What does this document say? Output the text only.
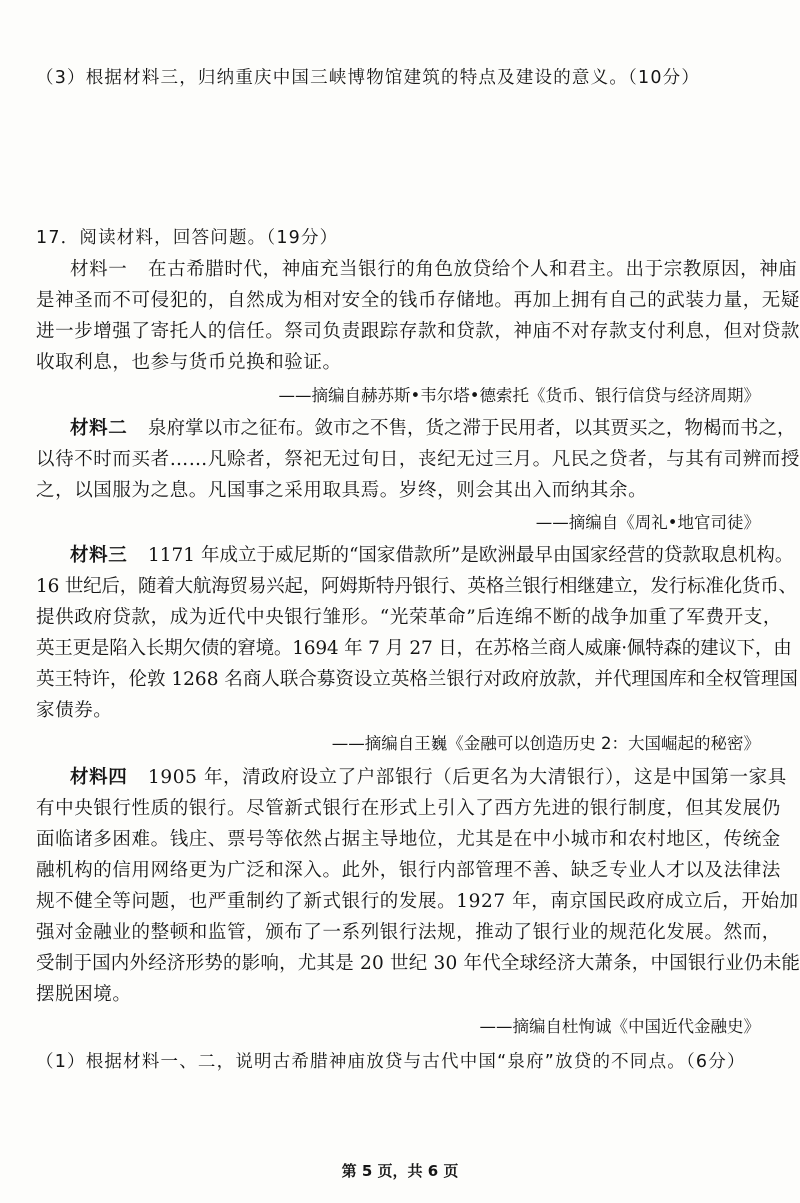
（3）根据材料三，归纳重庆中国三峡博物馆建筑的特点及建设的意义。（10分）
17．阅读材料，回答问题。（19分）
材料一 在古希腊时代，神庙充当银行的角色放贷给个人和君主。出于宗教原因，神庙
是神圣而不可侵犯的，自然成为相对安全的钱币存储地。再加上拥有自己的武装力量，无疑
进一步增强了寄托人的信任。祭司负责跟踪存款和贷款，神庙不对存款支付利息，但对贷款
收取利息，也参与货币兑换和验证。
——摘编自赫苏斯•韦尔塔•德索托《货币、银行信贷与经济周期》
材料二 泉府掌以市之征布。敛市之不售，货之滞于民用者，以其贾买之，物楬而书之，
以待不时而买者……凡赊者，祭祀无过旬日，丧纪无过三月。凡民之贷者，与其有司辨而授
之，以国服为之息。凡国事之采用取具焉。岁终，则会其出入而纳其余。
——摘编自《周礼•地官司徒》
材料三 1171 年成立于威尼斯的“国家借款所”是欧洲最早由国家经营的贷款取息机构。
16 世纪后，随着大航海贸易兴起，阿姆斯特丹银行、英格兰银行相继建立，发行标准化货币、
提供政府贷款，成为近代中央银行雏形。“光荣革命”后连绵不断的战争加重了军费开支，
英王更是陷入长期欠债的窘境。1694 年 7 月 27 日，在苏格兰商人威廉·佩特森的建议下，由
英王特许，伦敦 1268 名商人联合募资设立英格兰银行对政府放款，并代理国库和全权管理国
家债券。
——摘编自王巍《金融可以创造历史 2：大国崛起的秘密》
材料四 1905 年，清政府设立了户部银行（后更名为大清银行），这是中国第一家具
有中央银行性质的银行。尽管新式银行在形式上引入了西方先进的银行制度，但其发展仍
面临诸多困难。钱庄、票号等依然占据主导地位，尤其是在中小城市和农村地区，传统金
融机构的信用网络更为广泛和深入。此外，银行内部管理不善、缺乏专业人才以及法律法
规不健全等问题，也严重制约了新式银行的发展。1927 年，南京国民政府成立后，开始加
强对金融业的整顿和监管，颁布了一系列银行法规，推动了银行业的规范化发展。然而，
受制于国内外经济形势的影响，尤其是 20 世纪 30 年代全球经济大萧条，中国银行业仍未能
摆脱困境。
——摘编自杜恂诚《中国近代金融史》
（1）根据材料一、二，说明古希腊神庙放贷与古代中国“泉府”放贷的不同点。（6分）
第 5 页，共 6 页
